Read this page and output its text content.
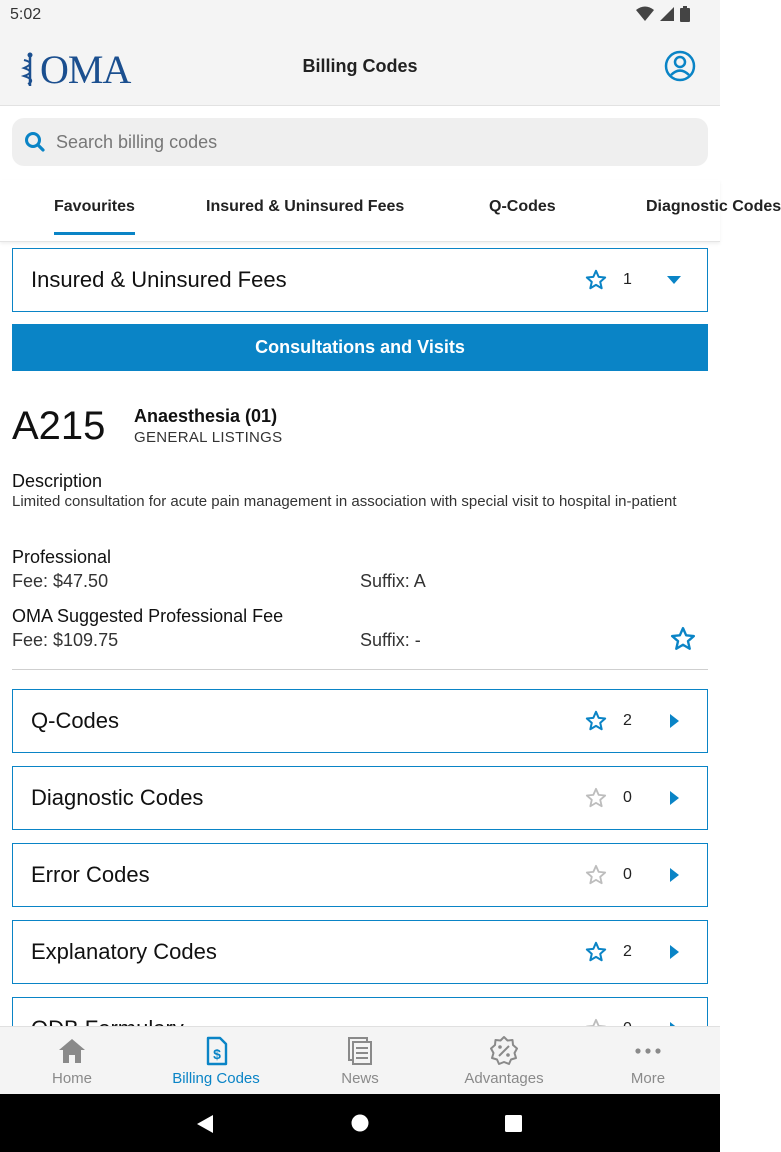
5:02
OMA	Billing Codes
Search billing codes
Favourites	Insured & Uninsured Fees	Q-Codes	Diagnostic Codes
Insured & Uninsured Fees	1
Consultations and Visits
A215 Anaesthesia (01)
GENERAL LISTINGS
Description
Limited consultation for acute pain management in association with special visit to hospital in-patient
Professional
Fee: $47.50	Suffix: A
OMA Suggested Professional Fee
Fee: $109.75	Suffix: -
Q-Codes	2
Diagnostic Codes	0
Error Codes	0
Explanatory Codes	2
Home
$
Billing Codes	News	Advantages	More
